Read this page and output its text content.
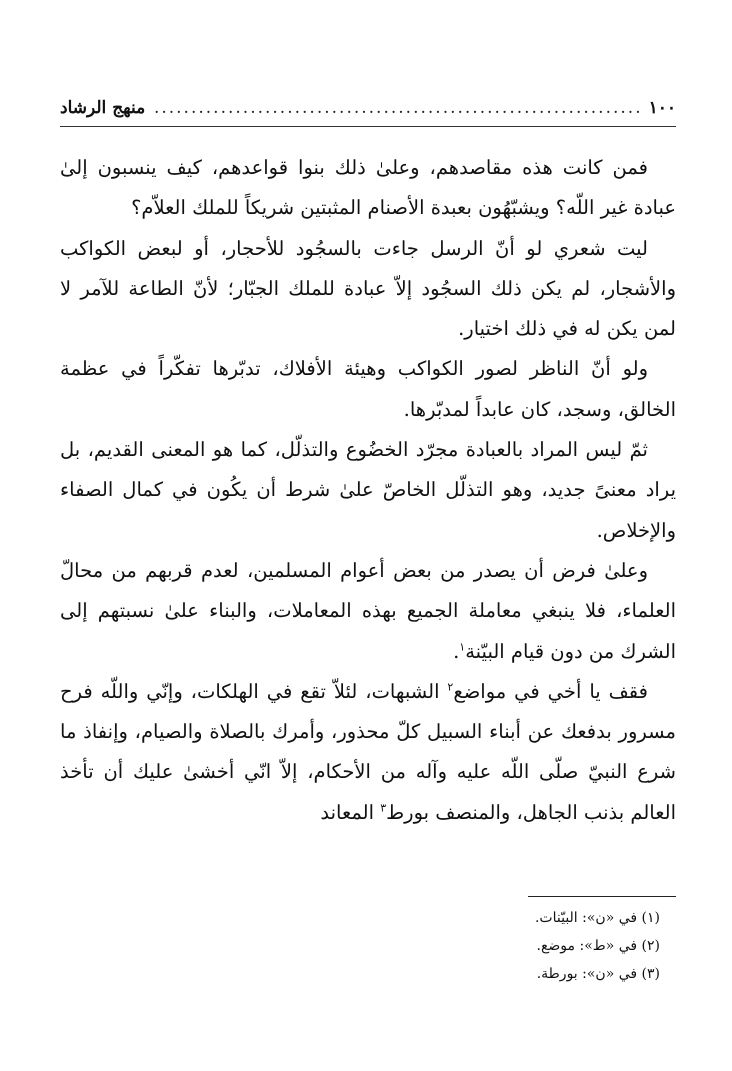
١٠٠
.....
منهج الرشاد

فمن كانت هذه مقاصدهم، وعلىٰ ذلك بنوا قواعدهم، كيف ينسبون إلىٰ عبادة غير اللّه؟ ويشبّهُون بعبدة الأصنام المثبتين شريكاً للملك العلاّم؟

ليت شعري لو أنّ الرسل جاءت بالسجُود للأحجار، أو لبعض الكواكب والأشجار، لم يكن ذلك السجُود إلاّ عبادة للملك الجبّار؛ لأنّ الطاعة للآمر لا لمن يكن له في ذلك اختيار.

ولو أنّ الناظر لصور الكواكب وهيئة الأفلاك، تدبّرها تفكّراً في عظمة الخالق، وسجد، كان عابداً لمدبّرها.

ثمّ ليس المراد بالعبادة مجرّد الخضُوع والتذلّل، كما هو المعنى القديم، بل يراد معنىً جديد، وهو التذلّل الخاصّ علىٰ شرط أن يكُون في كمال الصفاء والإخلاص.

وعلىٰ فرض أن يصدر من بعض أعوام المسلمين، لعدم قربهم من محالّ العلماء، فلا ينبغي معاملة الجميع بهذه المعاملات، والبناء علىٰ نسبتهم إلى الشرك من دون قيام البيّنة$^١$.

فقف يا أخي في مواضع$^٢$ الشبهات، لئلاّ تقع في الهلكات، وإنّي واللّه فرح مسرور بدفعك عن أبناء السبيل كلّ محذور، وأمرك بالصلاة والصيام، وإنفاذ ما شرع النبيّ صلّى اللّه عليه وآله من الأحكام، إلاّ انّي أخشىٰ عليك أن تأخذ العالم بذنب الجاهل، والمنصف بورط$^٣$ المعاند

(١) في «ن»: البيّنات.
(٢) في «ط»: موضع.
(٣) في «ن»: بورطة.
